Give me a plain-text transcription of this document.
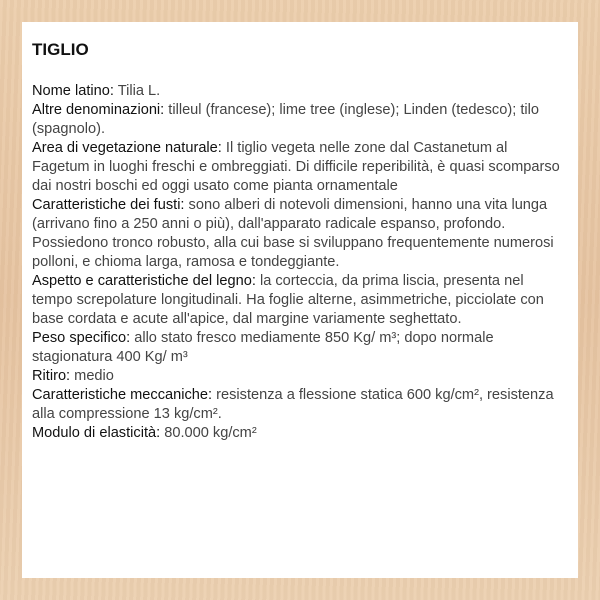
TIGLIO

Nome latino: Tilia L.

Altre denominazioni: tilleul (francese); lime tree (inglese); Linden (tedesco); tilo (spagnolo).

Area di vegetazione naturale: Il tiglio vegeta nelle zone dal Castanetum al Fagetum in luoghi freschi e ombreggiati. Di difficile reperibilità, è quasi scomparso dai nostri boschi ed oggi usato come pianta ornamentale

Caratteristiche dei fusti: sono alberi di notevoli dimensioni, hanno una vita lunga (arrivano fino a 250 anni o più), dall'apparato radicale espanso, profondo. Possiedono tronco robusto, alla cui base si sviluppano frequentemente numerosi polloni, e chioma larga, ramosa e tondeggiante.

Aspetto e caratteristiche del legno: la corteccia, da prima liscia, presenta nel tempo screpolature longitudinali. Ha foglie alterne, asimmetriche, picciolate con base cordata e acute all'apice, dal margine variamente seghettato.

Peso specifico: allo stato fresco mediamente 850 Kg/ m³; dopo normale stagionatura 400 Kg/ m³

Ritiro: medio

Caratteristiche meccaniche: resistenza a flessione statica 600 kg/cm², resistenza alla compressione 13 kg/cm².

Modulo di elasticità: 80.000 kg/cm²
